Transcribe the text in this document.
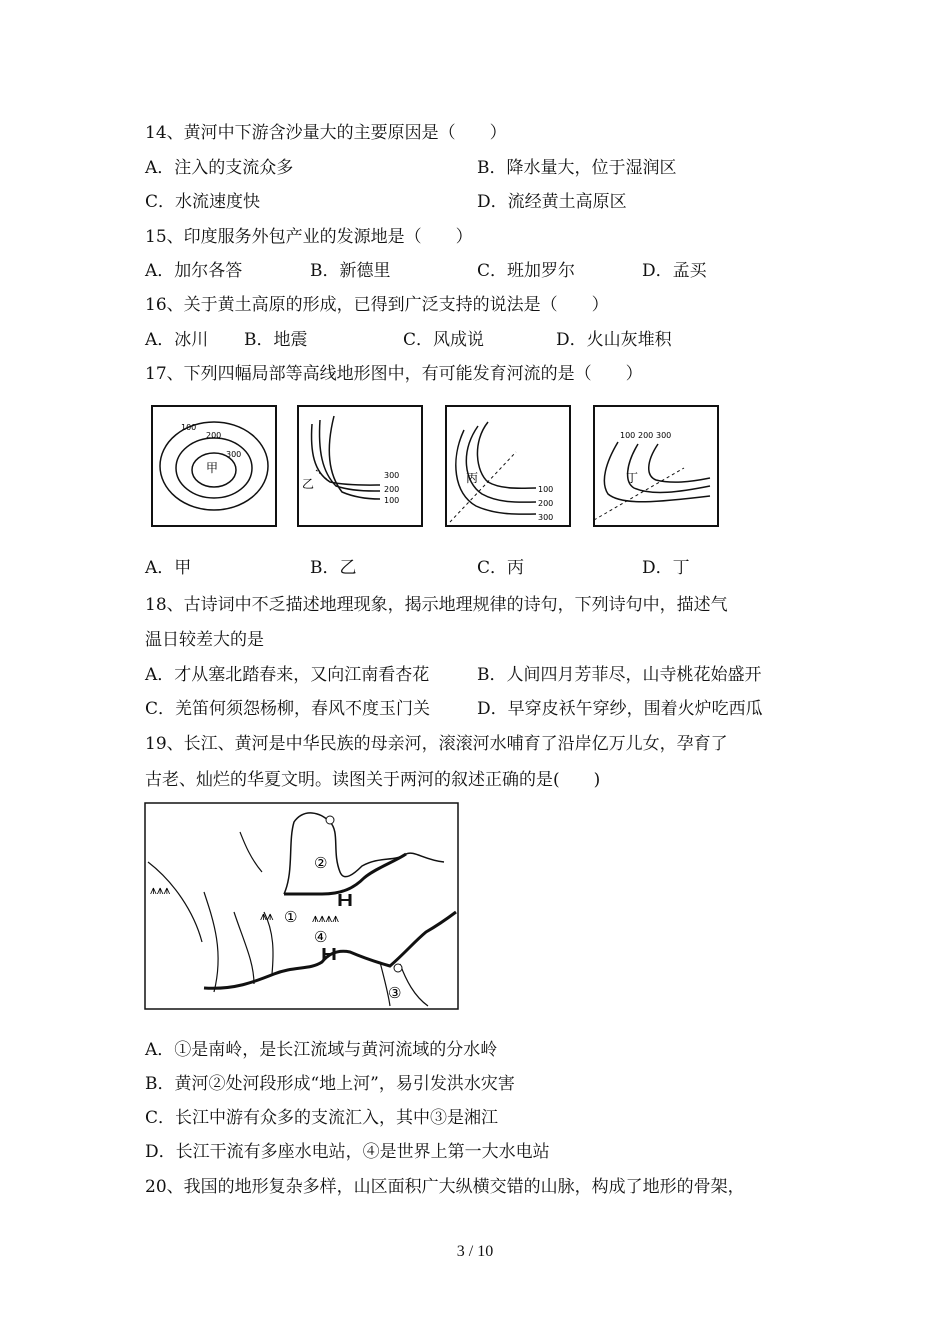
14、黄河中下游含沙量大的主要原因是（　　）
A．注入的支流众多	B．降水量大，位于湿润区
C．水流速度快	D．流经黄土高原区
15、印度服务外包产业的发源地是（　　）
A．加尔各答	B．新德里	C．班加罗尔	D．孟买
16、关于黄土高原的形成，已得到广泛支持的说法是（　　）
A．冰川 B．地震	C．风成说	D．火山灰堆积
17、下列四幅局部等高线地形图中，有可能发育河流的是（　　）
100
200
300
甲
300
200
100
乙	100
200
300
丙
100 200 300
丁
A．甲	B．乙	C．丙	D．丁
18、古诗词中不乏描述地理现象，揭示地理规律的诗句，下列诗句中，描述气
温日较差大的是
A．才从塞北踏春来，又向江南看杏花	B．人间四月芳菲尽，山寺桃花始盛开
C．羌笛何须怨杨柳，春风不度玉门关	D．早穿皮袄午穿纱，围着火炉吃西瓜
19、长江、黄河是中华民族的母亲河，滚滚河水哺育了沿岸亿万儿女，孕育了
古老、灿烂的华夏文明。读图关于两河的叙述正确的是(　　)
⩚⩚⩚
⩚⩚	⩚⩚⩚⩚
①
②
③
④
A．①是南岭，是长江流域与黄河流域的分水岭
B．黄河②处河段形成“地上河”，易引发洪水灾害
C．长江中游有众多的支流汇入，其中③是湘江
D．长江干流有多座水电站，④是世界上第一大水电站
20、我国的地形复杂多样，山区面积广大纵横交错的山脉，构成了地形的骨架，
3 / 10
